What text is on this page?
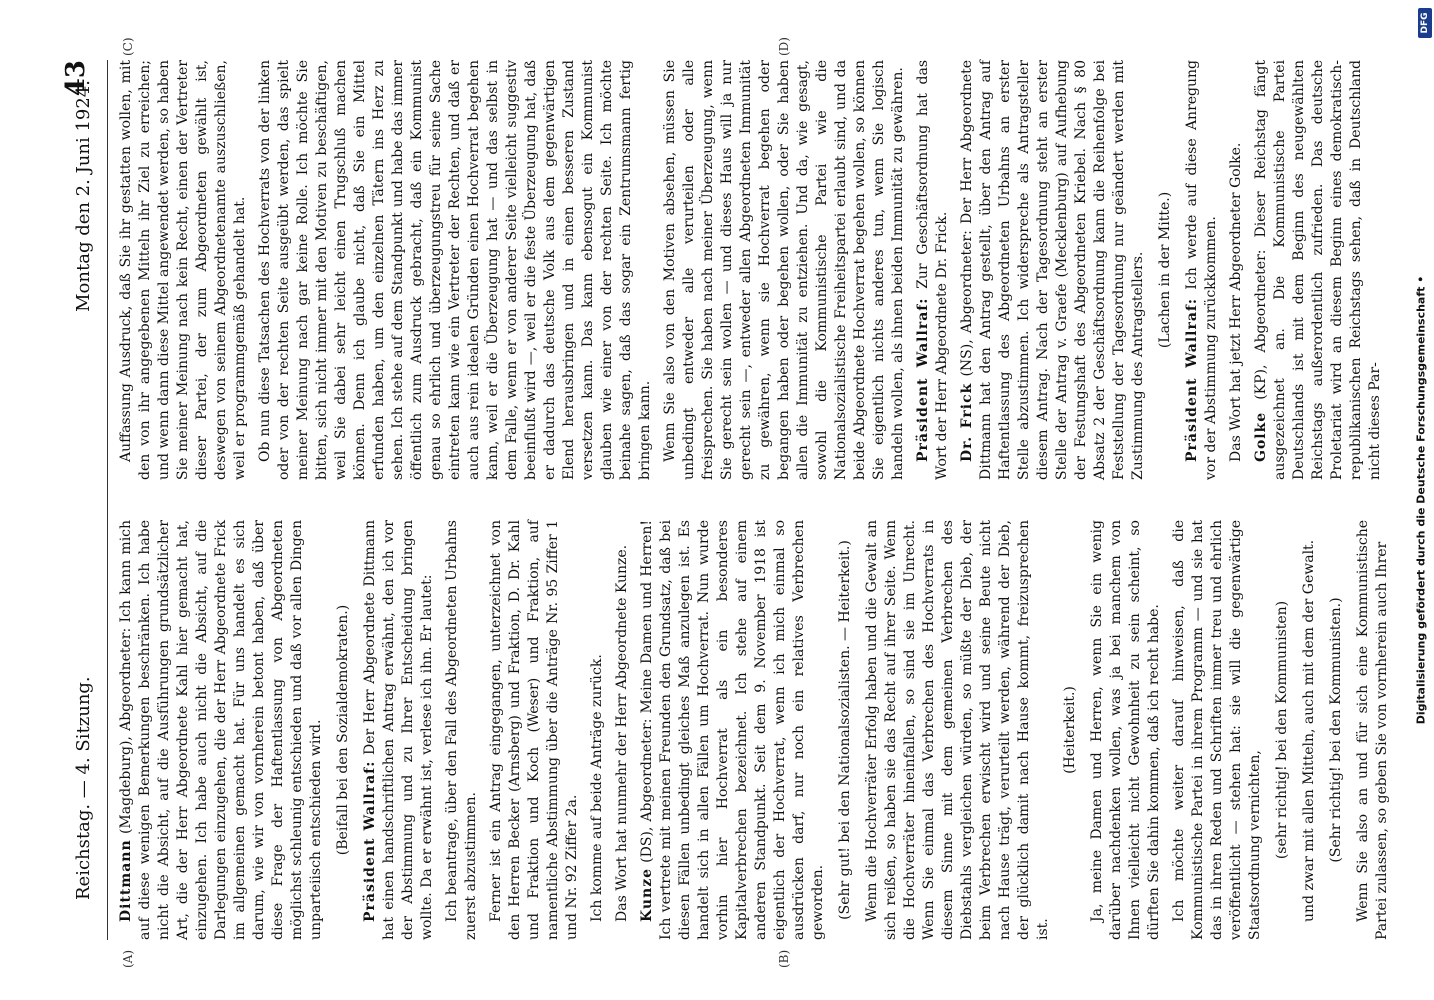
Reichstag. — 4. Sitzung.
Montag den 2. Juni 1924.
43
(A)	(B)
(C)	(D)

Dittmann (Magdeburg), Abgeordneter: Ich kann mich auf diese wenigen Bemerkungen beschränken. Ich habe nicht die Absicht, auf die Ausführungen grundsätzlicher Art, die der Herr Abgeordnete Kahl hier gemacht hat, einzugehen. Ich habe auch nicht die Absicht, auf die Darlegungen einzugehen, die der Herr Abgeordnete Frick im allgemeinen gemacht hat. Für uns handelt es sich darum, wie wir von vornherein betont haben, daß über diese Frage der Haftentlassung von Abgeordneten möglichst schleunig entschieden und daß vor allen Dingen unparteiisch entschieden wird. (Beifall bei den Sozialdemokraten.) Präsident Wallraf: Der Herr Abgeordnete Dittmann hat einen handschriftlichen Antrag erwähnt, den ich vor der Abstimmung und zu Ihrer Entscheidung bringen wollte. Da er erwähnt ist, verlese ich ihn. Er lautet: Ich beantrage, über den Fall des Abgeordneten Urbahns zuerst abzustimmen. Ferner ist ein Antrag eingegangen, unterzeichnet von den Herren Becker (Arnsberg) und Fraktion, D. Dr. Kahl und Fraktion und Koch (Weser) und Fraktion, auf namentliche Abstimmung über die Anträge Nr. 95 Ziffer 1 und Nr. 92 Ziffer 2a. Ich komme auf beide Anträge zurück. Das Wort hat nunmehr der Herr Abgeordnete Kunze. Kunze (DS), Abgeordneter: Meine Damen und Herren! Ich vertrete mit meinen Freunden den Grundsatz, daß bei diesen Fällen unbedingt gleiches Maß anzulegen ist. Es handelt sich in allen Fällen um Hochverrat. Nun wurde vorhin hier Hochverrat als ein besonderes Kapitalverbrechen bezeichnet. Ich stehe auf einem anderen Standpunkt. Seit dem 9. November 1918 ist eigentlich der Hochverrat, wenn ich mich einmal so ausdrücken darf, nur noch ein relatives Verbrechen geworden. (Sehr gut! bei den Nationalsozialisten. — Heiterkeit.) Wenn die Hochverräter Erfolg haben und die Gewalt an sich reißen, so haben sie das Recht auf ihrer Seite. Wenn die Hochverräter hineinfallen, so sind sie im Unrecht. Wenn Sie einmal das Verbrechen des Hochverrats in diesem Sinne mit dem gemeinen Verbrechen des Diebstahls vergleichen würden, so müßte der Dieb, der beim Verbrechen erwischt wird und seine Beute nicht nach Hause trägt, verurteilt werden, während der Dieb, der glücklich damit nach Hause kommt, freizusprechen ist.

(Heiterkeit.) Ja, meine Damen und Herren, wenn Sie ein wenig darüber nachdenken wollen, was ja bei manchem von Ihnen vielleicht nicht Gewohnheit zu sein scheint, so dürften Sie dahin kommen, daß ich recht habe. Ich möchte weiter darauf hinweisen, daß die Kommunistische Partei in ihrem Programm — und sie hat das in ihren Reden und Schriften immer treu und ehrlich veröffentlicht — stehen hat: sie will die gegenwärtige Staatsordnung vernichten, (sehr richtig! bei den Kommunisten) und zwar mit allen Mitteln, auch mit dem der Gewalt. (Sehr richtig! bei den Kommunisten.) Wenn Sie also an und für sich eine Kommunistische Partei zulassen, so geben Sie von vornherein auch Ihrer

Auffassung Ausdruck, daß Sie ihr gestatten wollen, mit den von ihr angegebenen Mitteln ihr Ziel zu erreichen; und wenn dann diese Mittel angewendet werden, so haben Sie meiner Meinung nach kein Recht, einen der Vertreter dieser Partei, der zum Abgeordneten gewählt ist, deswegen von seinem Abgeordnetenamte auszuschließen, weil er programmgemäß gehandelt hat. Ob nun diese Tatsachen des Hochverrats von der linken oder von der rechten Seite ausgeübt werden, das spielt meiner Meinung nach gar keine Rolle. Ich möchte Sie bitten, sich nicht immer mit den Motiven zu beschäftigen, weil Sie dabei sehr leicht einen Trugschluß machen können. Denn ich glaube nicht, daß Sie ein Mittel erfunden haben, um den einzelnen Tätern ins Herz zu sehen. Ich stehe auf dem Standpunkt und habe das immer öffentlich zum Ausdruck gebracht, daß ein Kommunist genau so ehrlich und überzeugungstreu für seine Sache eintreten kann wie ein Vertreter der Rechten, und daß er auch aus rein idealen Gründen einen Hochverrat begehen kann, weil er die Überzeugung hat — und das selbst in dem Falle, wenn er von anderer Seite vielleicht suggestiv beeinflußt wird —, weil er die feste Überzeugung hat, daß er dadurch das deutsche Volk aus dem gegenwärtigen Elend herausbringen und in einen besseren Zustand versetzen kann. Das kann ebensogut ein Kommunist glauben wie einer von der rechten Seite. Ich möchte beinahe sagen, daß das sogar ein Zentrumsmann fertig bringen kann. Wenn Sie also von den Motiven absehen, müssen Sie unbedingt entweder alle verurteilen oder alle freisprechen. Sie haben nach meiner Überzeugung, wenn Sie gerecht sein wollen — und dieses Haus will ja nur gerecht sein —, entweder allen Abgeordneten Immunität zu gewähren, wenn sie Hochverrat begehen oder begangen haben oder begehen wollen, oder Sie haben allen die Immunität zu entziehen. Und da, wie gesagt, sowohl die Kommunistische Partei wie die Nationalsozialistische Freiheitspartei erlaubt sind, und da beide Abgeordnete Hochverrat begehen wollen, so können Sie eigentlich nichts anderes tun, wenn Sie logisch handeln wollen, als ihnen beiden Immunität zu gewähren. Präsident Wallraf: Zur Geschäftsordnung hat das Wort der Herr Abgeordnete Dr. Frick. Dr. Frick (NS), Abgeordneter: Der Herr Abgeordnete Dittmann hat den Antrag gestellt, über den Antrag auf Haftentlassung des Abgeordneten Urbahns an erster Stelle abzustimmen. Ich widerspreche als Antragsteller diesem Antrag. Nach der Tagesordnung steht an erster Stelle der Antrag v. Graefe (Mecklenburg) auf Aufhebung der Festungshaft des Abgeordneten Kriebel. Nach § 80 Absatz 2 der Geschäftsordnung kann die Reihenfolge bei Feststellung der Tagesordnung nur geändert werden mit Zustimmung des Antragstellers. (Lachen in der Mitte.)

Präsident Wallraf: Ich werde auf diese Anregung vor der Abstimmung zurückkommen. Das Wort hat jetzt Herr Abgeordneter Golke. Golke (KP), Abgeordneter: Dieser Reichstag fängt ausgezeichnet an. Die Kommunistische Partei Deutschlands ist mit dem Beginn des neugewählten Reichstags außerordentlich zufrieden. Das deutsche Proletariat wird an diesem Beginn eines demokratisch-republikanischen Reichstags sehen, daß in Deutschland nicht dieses Par-	Digitalisierung gefördert durch die Deutsche Forschungsgemeinschaft •
DFG
